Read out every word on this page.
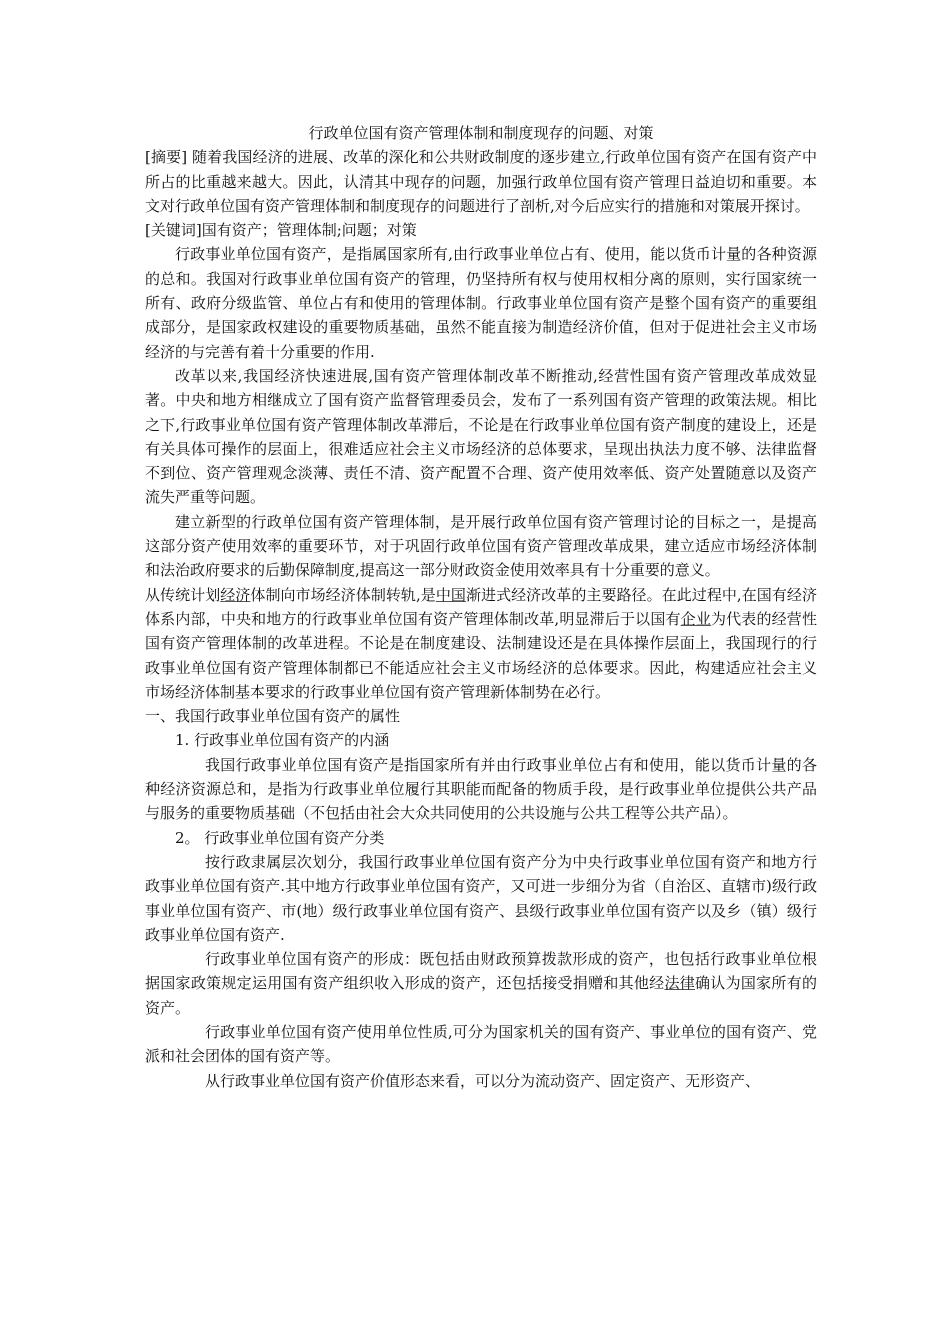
行政单位国有资产管理体制和制度现存的问题、对策

[摘要] 随着我国经济的进展、改革的深化和公共财政制度的逐步建立,行政单位国有资产在国有资产中所占的比重越来越大。因此，认清其中现存的问题，加强行政单位国有资产管理日益迫切和重要。本文对行政单位国有资产管理体制和制度现存的问题进行了剖析,对今后应实行的措施和对策展开探讨。

[关键词]国有资产；管理体制;问题；对策

行政事业单位国有资产，是指属国家所有,由行政事业单位占有、使用，能以货币计量的各种资源的总和。我国对行政事业单位国有资产的管理，仍坚持所有权与使用权相分离的原则，实行国家统一所有、政府分级监管、单位占有和使用的管理体制。行政事业单位国有资产是整个国有资产的重要组成部分，是国家政权建设的重要物质基础，虽然不能直接为制造经济价值，但对于促进社会主义市场经济的与完善有着十分重要的作用.

改革以来,我国经济快速进展,国有资产管理体制改革不断推动,经营性国有资产管理改革成效显著。中央和地方相继成立了国有资产监督管理委员会，发布了一系列国有资产管理的政策法规。相比之下,行政事业单位国有资产管理体制改革滞后，不论是在行政事业单位国有资产制度的建设上，还是有关具体可操作的层面上，很难适应社会主义市场经济的总体要求，呈现出执法力度不够、法律监督不到位、资产管理观念淡薄、责任不清、资产配置不合理、资产使用效率低、资产处置随意以及资产流失严重等问题。

建立新型的行政单位国有资产管理体制，是开展行政单位国有资产管理讨论的目标之一，是提高这部分资产使用效率的重要环节，对于巩固行政单位国有资产管理改革成果，建立适应市场经济体制和法治政府要求的后勤保障制度,提高这一部分财政资金使用效率具有十分重要的意义。

从传统计划经济体制向市场经济体制转轨,是中国渐进式经济改革的主要路径。在此过程中,在国有经济体系内部，中央和地方的行政事业单位国有资产管理体制改革,明显滞后于以国有企业为代表的经营性国有资产管理体制的改革进程。不论是在制度建设、法制建设还是在具体操作层面上，我国现行的行政事业单位国有资产管理体制都已不能适应社会主义市场经济的总体要求。因此，构建适应社会主义市场经济体制基本要求的行政事业单位国有资产管理新体制势在必行。

一、我国行政事业单位国有资产的属性

1. 行政事业单位国有资产的内涵

我国行政事业单位国有资产是指国家所有并由行政事业单位占有和使用，能以货币计量的各种经济资源总和，是指为行政事业单位履行其职能而配备的物质手段，是行政事业单位提供公共产品与服务的重要物质基础（不包括由社会大众共同使用的公共设施与公共工程等公共产品）。

2。 行政事业单位国有资产分类

按行政隶属层次划分，我国行政事业单位国有资产分为中央行政事业单位国有资产和地方行政事业单位国有资产.其中地方行政事业单位国有资产，又可进一步细分为省（自治区、直辖市)级行政事业单位国有资产、市(地）级行政事业单位国有资产、县级行政事业单位国有资产以及乡（镇）级行政事业单位国有资产.

行政事业单位国有资产的形成：既包括由财政预算拨款形成的资产，也包括行政事业单位根据国家政策规定运用国有资产组织收入形成的资产，还包括接受捐赠和其他经法律确认为国家所有的资产。

行政事业单位国有资产使用单位性质,可分为国家机关的国有资产、事业单位的国有资产、党派和社会团体的国有资产等。

从行政事业单位国有资产价值形态来看，可以分为流动资产、固定资产、无形资产、
